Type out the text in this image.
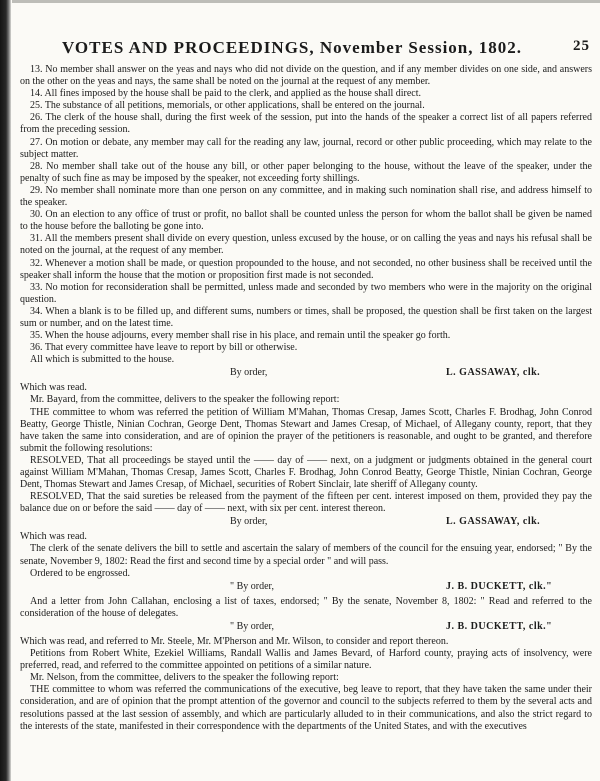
VOTES AND PROCEEDINGS, November Session, 1802.	25

13. No member shall answer on the yeas and nays who did not divide on the question, and if any member divides on one side, and answers on the other on the yeas and nays, the same shall be noted on the journal at the request of any member.

14. All fines imposed by the house shall be paid to the clerk, and applied as the house shall direct.

25. The substance of all petitions, memorials, or other applications, shall be entered on the journal.

26. The clerk of the house shall, during the first week of the session, put into the hands of the speaker a correct list of all papers referred from the preceding session.

27. On motion or debate, any member may call for the reading any law, journal, record or other public proceeding, which may relate to the subject matter.

28. No member shall take out of the house any bill, or other paper belonging to the house, without the leave of the speaker, under the penalty of such fine as may be imposed by the speaker, not exceeding forty shillings.

29. No member shall nominate more than one person on any committee, and in making such nomination shall rise, and address himself to the speaker.

30. On an election to any office of trust or profit, no ballot shall be counted unless the person for whom the ballot shall be given be named to the house before the balloting be gone into.

31. All the members present shall divide on every question, unless excused by the house, or on calling the yeas and nays his refusal shall be noted on the journal, at the request of any member.

32. Whenever a motion shall be made, or question propounded to the house, and not seconded, no other business shall be received until the speaker shall inform the house that the motion or proposition first made is not seconded.

33. No motion for reconsideration shall be permitted, unless made and seconded by two members who were in the majority on the original question.

34. When a blank is to be filled up, and different sums, numbers or times, shall be proposed, the question shall be first taken on the largest sum or number, and on the latest time.

35. When the house adjourns, every member shall rise in his place, and remain until the speaker go forth.

36. That every committee have leave to report by bill or otherwise.

All which is submitted to the house.

By order,	L. GASSAWAY, clk.

Which was read.

Mr. Bayard, from the committee, delivers to the speaker the following report:

THE committee to whom was referred the petition of William M'Mahan, Thomas Cresap, James Scott, Charles F. Brodhag, John Conrod Beatty, George Thistle, Ninian Cochran, George Dent, Thomas Stewart and James Cresap, of Michael, of Allegany county, report, that they have taken the same into consideration, and are of opinion the prayer of the petitioners is reasonable, and ought to be granted, and therefore submit the following resolutions:

RESOLVED, That all proceedings be stayed until the —— day of —— next, on a judgment or judgments obtained in the general court against William M'Mahan, Thomas Cresap, James Scott, Charles F. Brodhag, John Conrod Beatty, George Thistle, Ninian Cochran, George Dent, Thomas Stewart and James Cresap, of Michael, securities of Robert Sinclair, late sheriff of Allegany county.

RESOLVED, That the said sureties be released from the payment of the fifteen per cent. interest imposed on them, provided they pay the balance due on or before the said —— day of —— next, with six per cent. interest thereon.

By order,	L. GASSAWAY, clk.

Which was read.

The clerk of the senate delivers the bill to settle and ascertain the salary of members of the council for the ensuing year, endorsed; " By the senate, November 9, 1802: Read the first and second time by a special order " and will pass.

Ordered to be engrossed.

" By order,	J. B. DUCKETT, clk."

And a letter from John Callahan, enclosing a list of taxes, endorsed; " By the senate, November 8, 1802: " Read and referred to the consideration of the house of delegates.

" By order,	J. B. DUCKETT, clk."

Which was read, and referred to Mr. Steele, Mr. M'Pherson and Mr. Wilson, to consider and report thereon.

Petitions from Robert White, Ezekiel Williams, Randall Wallis and James Bevard, of Harford county, praying acts of insolvency, were preferred, read, and referred to the committee appointed on petitions of a similar nature.

Mr. Nelson, from the committee, delivers to the speaker the following report:

THE committee to whom was referred the communications of the executive, beg leave to report, that they have taken the same under their consideration, and are of opinion that the prompt attention of the governor and council to the subjects referred to them by the several acts and resolutions passed at the last session of assembly, and which are particularly alluded to in their communications, and also the strict regard to the interests of the state, manifested in their correspondence with the departments of the United States, and with the executives
